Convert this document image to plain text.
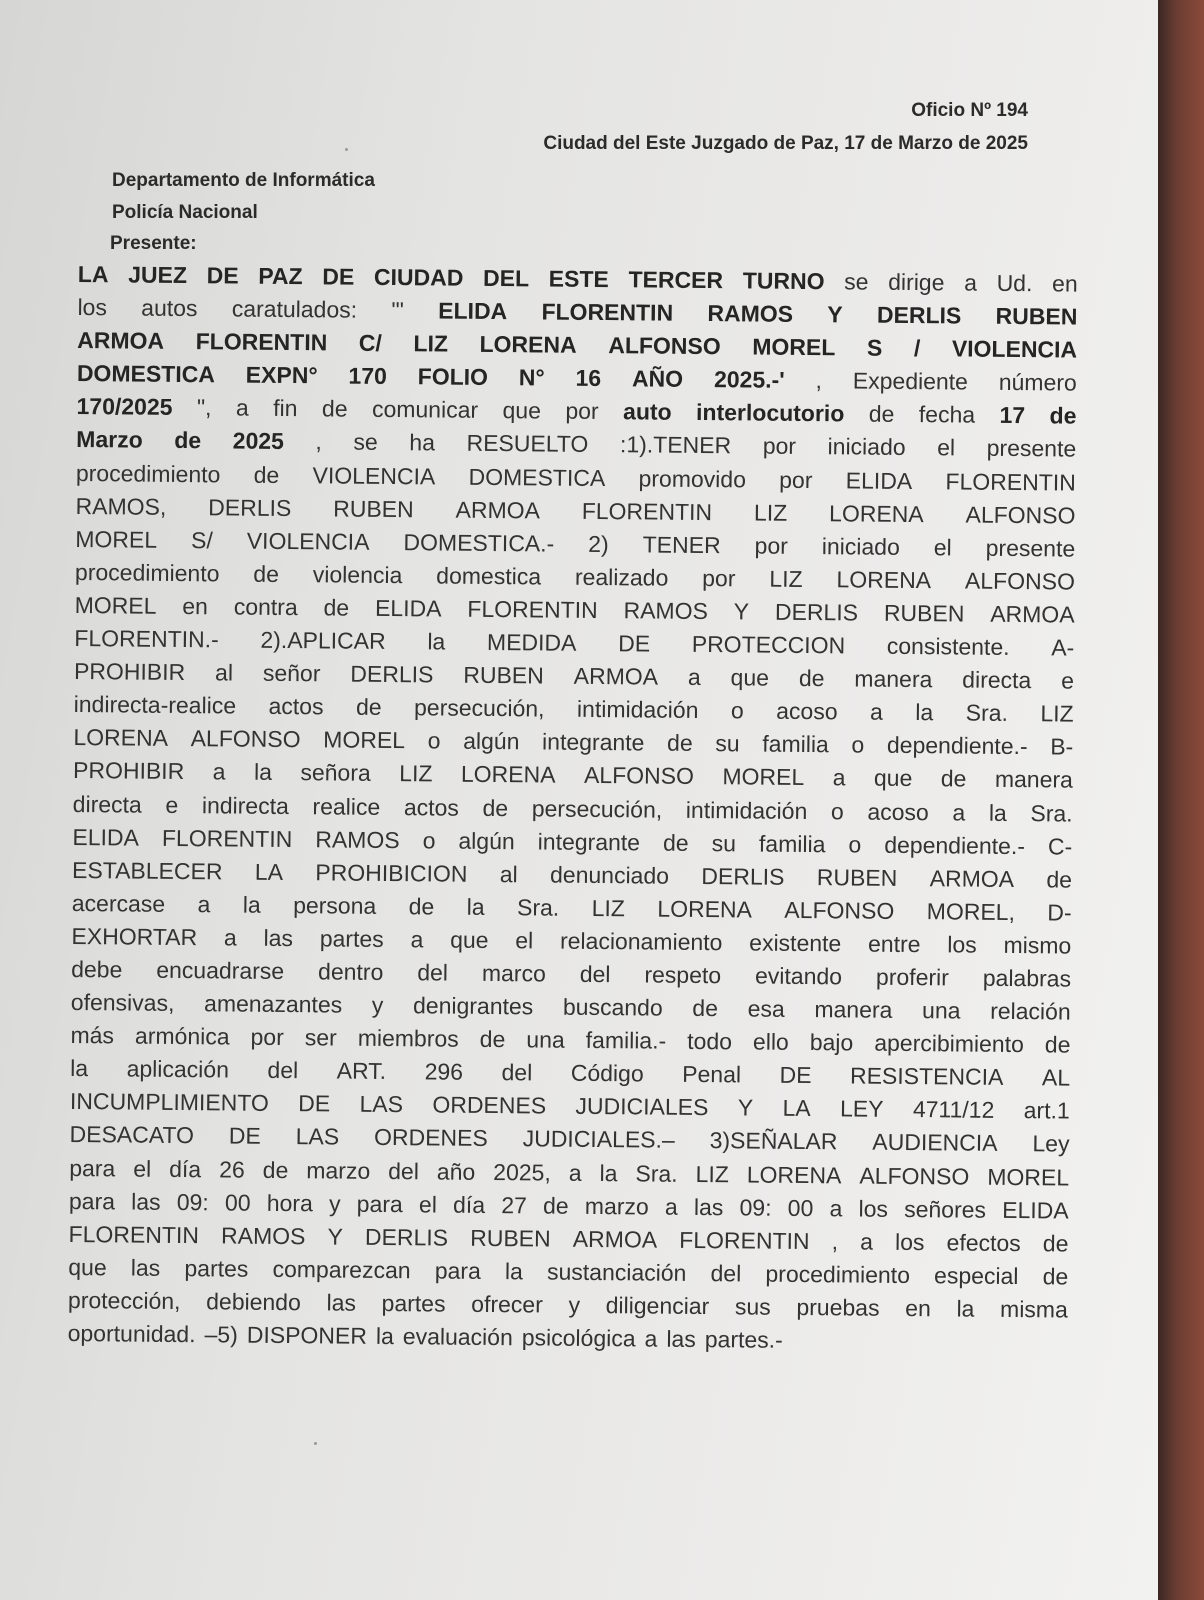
Oficio Nº 194
Ciudad del Este Juzgado de Paz, 17 de Marzo de 2025
Departamento de Informática
Policía Nacional
Presente:
LA JUEZ DE PAZ DE CIUDAD DEL ESTE TERCER TURNO se dirige a Ud. en
los autos caratulados: "' ELIDA FLORENTIN RAMOS Y DERLIS RUBEN
ARMOA FLORENTIN C/ LIZ LORENA ALFONSO MOREL S / VIOLENCIA
DOMESTICA EXPN° 170 FOLIO N° 16 AÑO 2025.-' , Expediente número
170/2025 ", a fin de comunicar que por auto interlocutorio de fecha 17 de
Marzo de 2025 , se ha RESUELTO :1).TENER por iniciado el presente
procedimiento de VIOLENCIA DOMESTICA promovido por ELIDA FLORENTIN
RAMOS, DERLIS RUBEN ARMOA FLORENTIN LIZ LORENA ALFONSO
MOREL S/ VIOLENCIA DOMESTICA.- 2) TENER por iniciado el presente
procedimiento de violencia domestica realizado por LIZ LORENA ALFONSO
MOREL en contra de ELIDA FLORENTIN RAMOS Y DERLIS RUBEN ARMOA
FLORENTIN.- 2).APLICAR la MEDIDA DE PROTECCION consistente. A-
PROHIBIR al señor DERLIS RUBEN ARMOA a que de manera directa e
indirecta-realice actos de persecución, intimidación o acoso a la Sra. LIZ
LORENA ALFONSO MOREL o algún integrante de su familia o dependiente.- B-
PROHIBIR a la señora LIZ LORENA ALFONSO MOREL a que de manera
directa e indirecta realice actos de persecución, intimidación o acoso a la Sra.
ELIDA FLORENTIN RAMOS o algún integrante de su familia o dependiente.- C-
ESTABLECER LA PROHIBICION al denunciado DERLIS RUBEN ARMOA de
acercase a la persona de la Sra. LIZ LORENA ALFONSO MOREL, D-
EXHORTAR a las partes a que el relacionamiento existente entre los mismo
debe encuadrarse dentro del marco del respeto evitando proferir palabras
ofensivas, amenazantes y denigrantes buscando de esa manera una relación
más armónica por ser miembros de una familia.- todo ello bajo apercibimiento de
la aplicación del ART. 296 del Código Penal DE RESISTENCIA AL
INCUMPLIMIENTO DE LAS ORDENES JUDICIALES Y LA LEY 4711/12 art.1
DESACATO DE LAS ORDENES JUDICIALES.– 3)SEÑALAR AUDIENCIA Ley
para el día 26 de marzo del año 2025, a la Sra. LIZ LORENA ALFONSO MOREL
para las 09: 00 hora y para el día 27 de marzo a las 09: 00 a los señores ELIDA
FLORENTIN RAMOS Y DERLIS RUBEN ARMOA FLORENTIN , a los efectos de
que las partes comparezcan para la sustanciación del procedimiento especial de
protección, debiendo las partes ofrecer y diligenciar sus pruebas en la misma
oportunidad. –5) DISPONER la evaluación psicológica a las partes.-
